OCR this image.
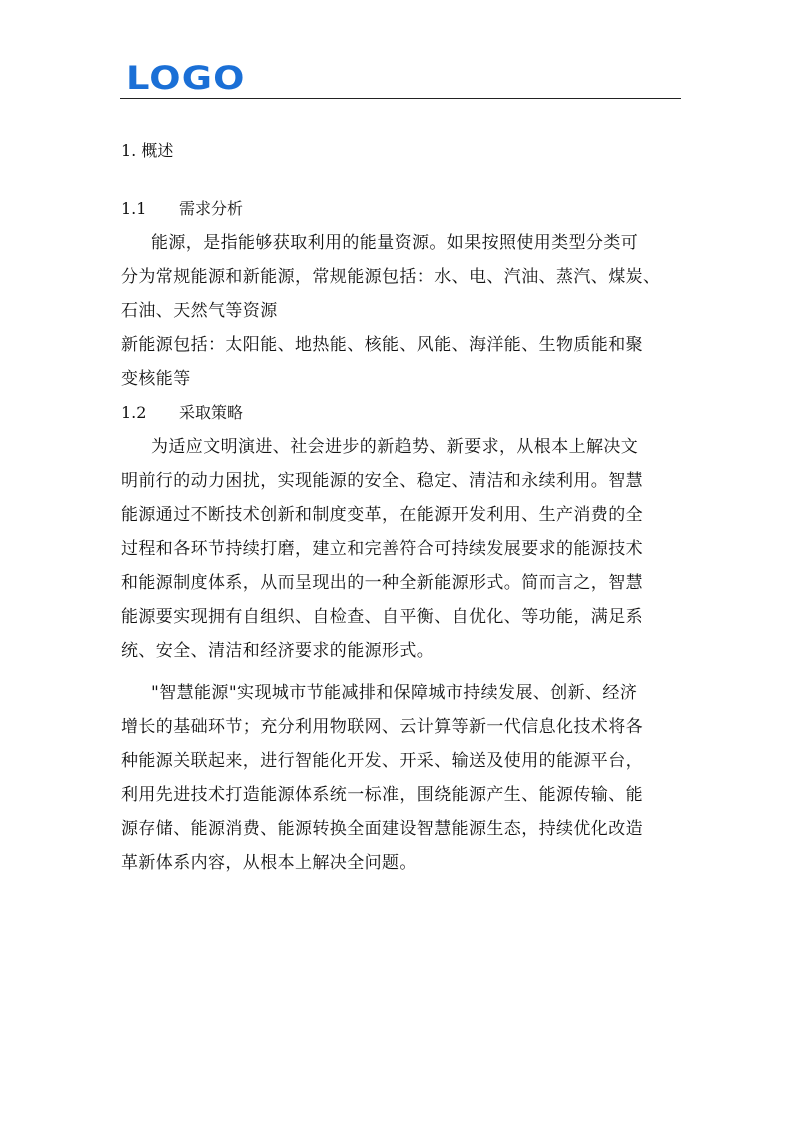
LOGO
1. 概述
1.1 需求分析
能源，是指能够获取利用的能量资源。如果按照使用类型分类可
分为常规能源和新能源，常规能源包括：水、电、汽油、蒸汽、煤炭、
石油、天然气等资源
新能源包括：太阳能、地热能、核能、风能、海洋能、生物质能和聚
变核能等
1.2 采取策略
为适应文明演进、社会进步的新趋势、新要求，从根本上解决文
明前行的动力困扰，实现能源的安全、稳定、清洁和永续利用。智慧
能源通过不断技术创新和制度变革，在能源开发利用、生产消费的全
过程和各环节持续打磨，建立和完善符合可持续发展要求的能源技术
和能源制度体系，从而呈现出的一种全新能源形式。简而言之，智慧
能源要实现拥有自组织、自检查、自平衡、自优化、等功能，满足系
统、安全、清洁和经济要求的能源形式。
"智慧能源"实现城市节能减排和保障城市持续发展、创新、经济
增长的基础环节；充分利用物联网、云计算等新一代信息化技术将各
种能源关联起来，进行智能化开发、开采、输送及使用的能源平台，
利用先进技术打造能源体系统一标准，围绕能源产生、能源传输、能
源存储、能源消费、能源转换全面建设智慧能源生态，持续优化改造
革新体系内容，从根本上解决全问题。
